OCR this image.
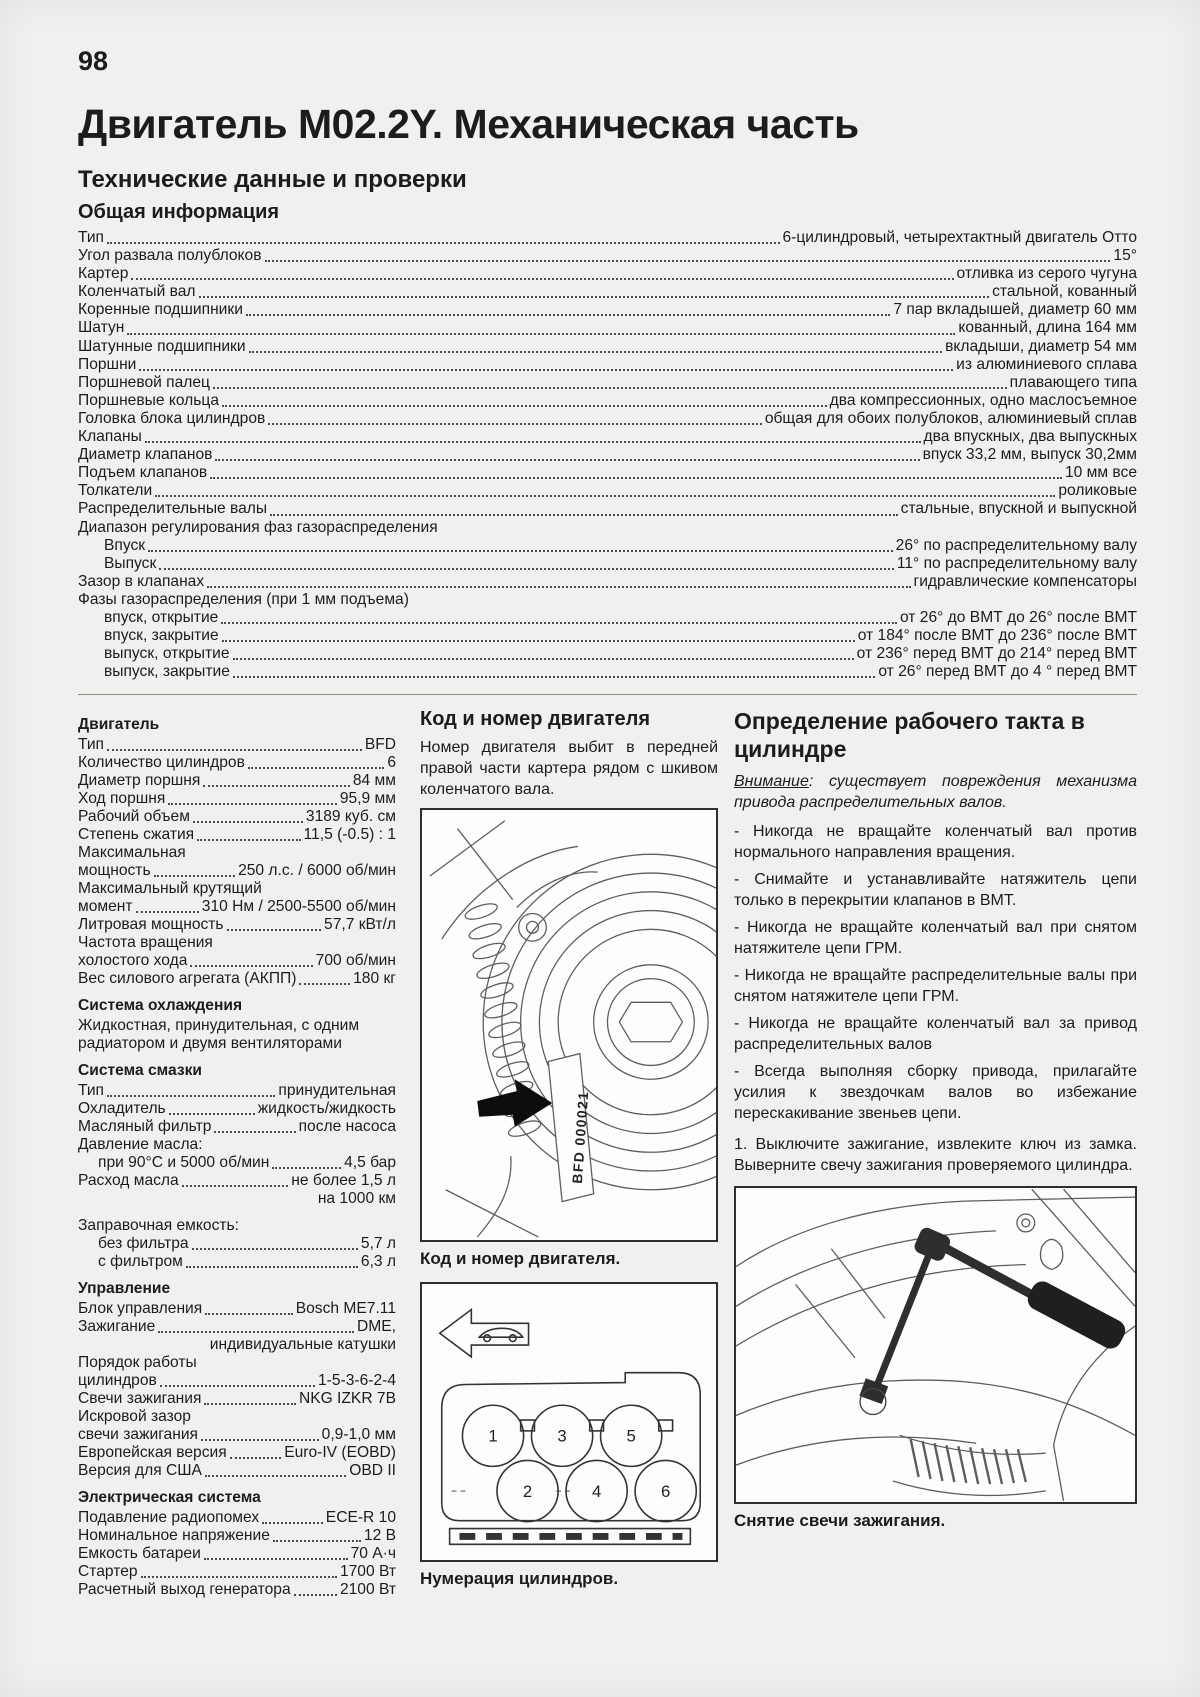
98
Двигатель М02.2Y. Механическая часть
Технические данные и проверки
Общая информация
Тип	6-цилиндровый, четырехтактный двигатель Отто
Угол развала полублоков	15°
Картер	отливка из серого чугуна
Коленчатый вал	стальной, кованный
Коренные подшипники	7 пар вкладышей, диаметр 60 мм
Шатун	кованный, длина 164 мм
Шатунные подшипники	вкладыши, диаметр 54 мм
Поршни	из алюминиевого сплава
Поршневой палец	плавающего типа
Поршневые кольца	два компрессионных, одно маслосъемное
Головка блока цилиндров	общая для обоих полублоков, алюминиевый сплав
Клапаны	два впускных, два выпускных
Диаметр клапанов	впуск 33,2 мм, выпуск 30,2мм
Подъем клапанов	10 мм все
Толкатели	роликовые
Распределительные валы	стальные, впускной и выпускной
Диапазон регулирования фаз газораспределения
Впуск	26° по распределительному валу
Выпуск	11° по распределительному валу
Зазор в клапанах	гидравлические компенсаторы
Фазы газораспределения (при 1 мм подъема)
впуск, открытие	от 26° до ВМТ до 26° после ВМТ
впуск, закрытие	от 184° после ВМТ до 236° после ВМТ
выпуск, открытие	от 236° перед ВМТ до 214° перед ВМТ
выпуск, закрытие	от 26° перед ВМТ до 4 ° перед ВМТ
Двигатель
Тип	BFD
Количество цилиндров	6
Диаметр поршня	84 мм
Ход поршня	95,9 мм
Рабочий объем	3189 куб. см
Степень сжатия	11,5 (-0.5) : 1
Максимальная
мощность	250 л.с. / 6000 об/мин
Максимальный крутящий
момент	310 Нм / 2500-5500 об/мин
Литровая мощность	57,7 кВт/л
Частота вращения
холостого хода	700 об/мин
Вес силового агрегата (АКПП)	180 кг
Система охлаждения
Жидкостная, принудительная, с одним
радиатором и двумя вентиляторами
Система смазки
Тип	принудительная
Охладитель	жидкость/жидкость
Масляный фильтр	после насоса
Давление масла:
при 90°С и 5000 об/мин	4,5 бар
Расход масла	не более 1,5 л
на 1000 км
Заправочная емкость:
без фильтра	5,7 л
с фильтром	6,3 л
Управление
Блок управления	Bosch ME7.11
Зажигание	DME,
индивидуальные катушки
Порядок работы
цилиндров	1-5-3-6-2-4
Свечи зажигания	NKG IZKR 7B
Искровой зазор
свечи зажигания	0,9-1,0 мм
Европейская версия	Euro-IV (EOBD)
Версия для США	OBD II
Электрическая система
Подавление радиопомех	ECE-R 10
Номинальное напряжение	12 В
Емкость батареи	70 А·ч
Стартер	1700 Вт
Расчетный выход генератора	2100 Вт
Код и номер двигателя

Номер двигателя выбит в передней правой части картера рядом с шкивом коленчатого вала.

BFD 000021
Код и номер двигателя.
1	3	5
2	4	6
Нумерация цилиндров.
Определение рабочего такта в цилиндре

Внимание: существует повреждения механизма привода распределительных валов.

- Никогда не вращайте коленчатый вал против нормального направления вращения.

- Снимайте и устанавливайте натяжитель цепи только в перекрытии клапанов в ВМТ.

- Никогда не вращайте коленчатый вал при снятом натяжителе цепи ГРМ.

- Никогда не вращайте распределительные валы при снятом натяжителе цепи ГРМ.

- Никогда не вращайте коленчатый вал за привод распределительных валов

- Всегда выполняя сборку привода, прилагайте усилия к звездочкам валов во избежание перескакивание звеньев цепи.

1. Выключите зажигание, извлеките ключ из замка. Выверните свечу зажигания проверяемого цилиндра.

Снятие свечи зажигания.
